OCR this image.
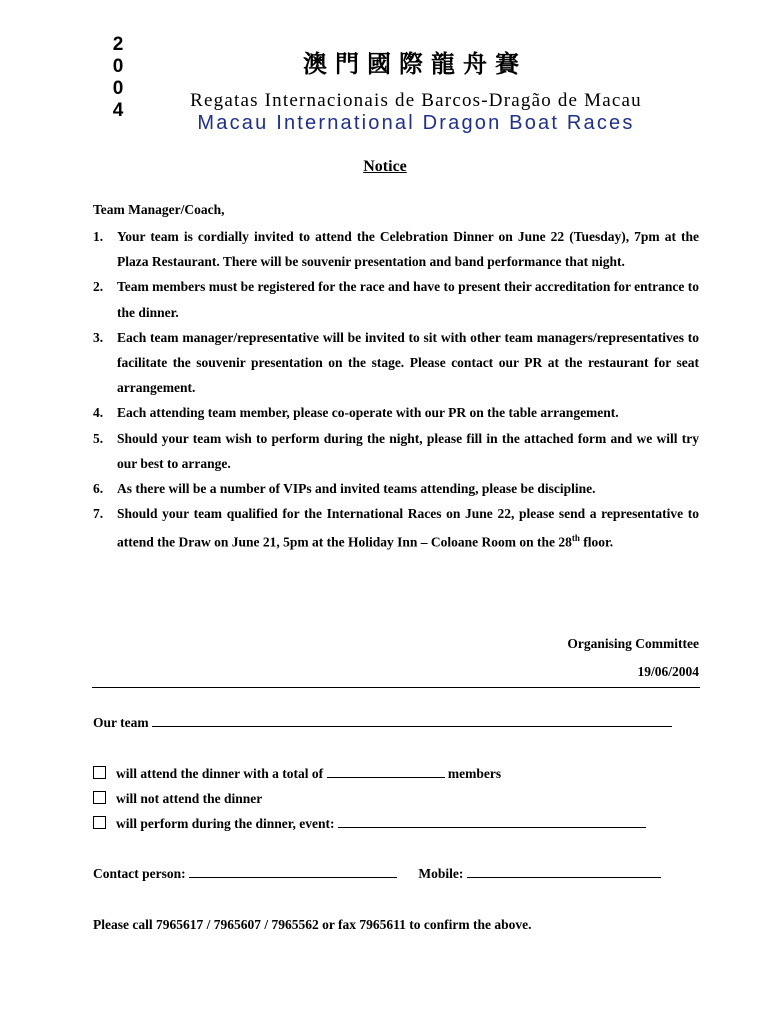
2
0
0
4
澳門國際龍舟賽
Regatas Internacionais de Barcos-Dragão de Macau
Macau International Dragon Boat Races
Notice
Team Manager/Coach,
1. Your team is cordially invited to attend the Celebration Dinner on June 22 (Tuesday), 7pm at the Plaza Restaurant. There will be souvenir presentation and band performance that night.
2. Team members must be registered for the race and have to present their accreditation for entrance to the dinner.
3. Each team manager/representative will be invited to sit with other team managers/representatives to facilitate the souvenir presentation on the stage. Please contact our PR at the restaurant for seat arrangement.
4. Each attending team member, please co-operate with our PR on the table arrangement.
5. Should your team wish to perform during the night, please fill in the attached form and we will try our best to arrange.
6. As there will be a number of VIPs and invited teams attending, please be discipline.
7. Should your team qualified for the International Races on June 22, please send a representative to attend the Draw on June 21, 5pm at the Holiday Inn – Coloane Room on the 28th floor.
Organising Committee
19/06/2004
Our team
will attend the dinner with a total of	members
will not attend the dinner
will perform during the dinner, event:
Contact person:	Mobile:
Please call 7965617 / 7965607 / 7965562 or fax 7965611 to confirm the above.
